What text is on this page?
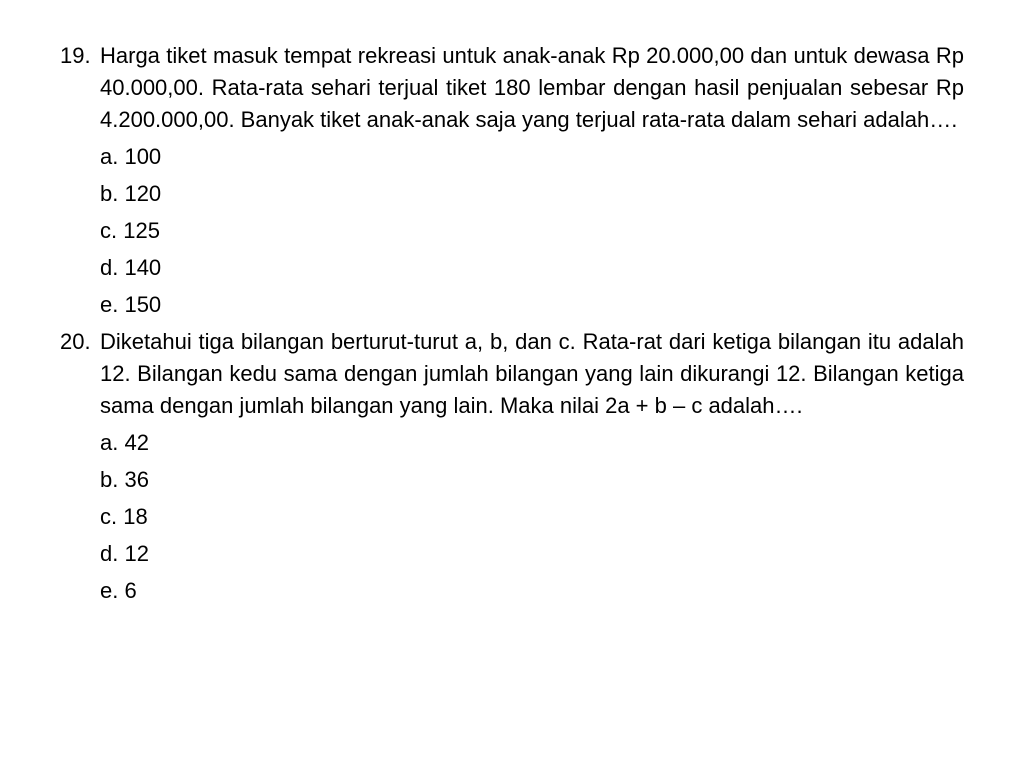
19. Harga tiket masuk tempat rekreasi untuk anak-anak Rp 20.000,00 dan untuk dewasa Rp 40.000,00. Rata-rata sehari terjual tiket 180 lembar dengan hasil penjualan sebesar Rp 4.200.000,00. Banyak tiket anak-anak saja yang terjual rata-rata dalam sehari adalah….

a. 100
b. 120
c. 125
d. 140
e. 150
20. Diketahui tiga bilangan berturut-turut a, b, dan c. Rata-rat dari ketiga bilangan itu adalah 12. Bilangan kedu sama dengan jumlah bilangan yang lain dikurangi 12. Bilangan ketiga sama dengan jumlah bilangan yang lain. Maka nilai 2a + b – c adalah….

a. 42
b. 36
c. 18
d. 12
e. 6
